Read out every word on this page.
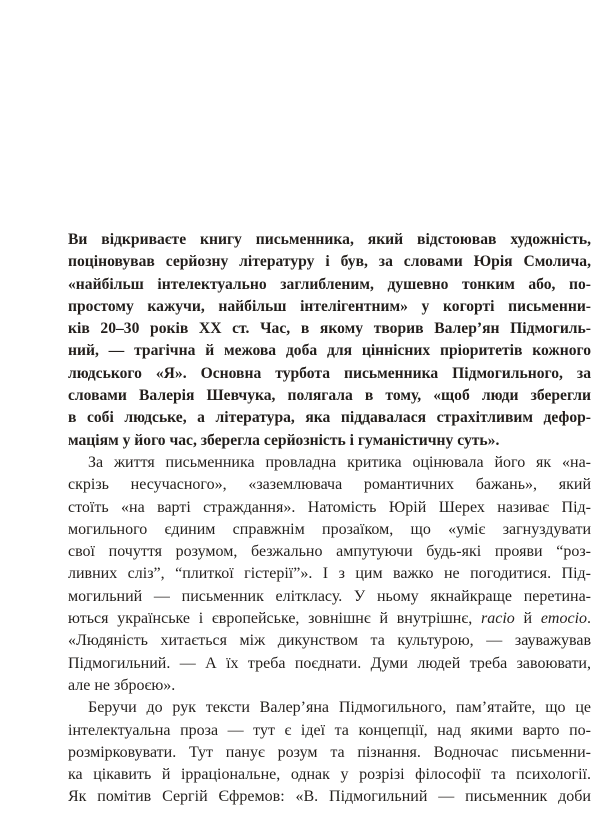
Ви відкриваєте книгу письменника, який відстоював художність,
поціновував серйозну літературу і був, за словами Юрія Смолича,
«найбільш інтелектуально заглибленим, душевно тонким або, по-
простому кажучи, найбільш інтелігентним» у когорті письменни-
ків 20–30 років XX ст. Час, в якому творив Валер’ян Підмогиль-
ний, — трагічна й межова доба для ціннісних пріоритетів кожного
людського «Я». Основна турбота письменника Підмогильного, за
словами Валерія Шевчука, полягала в тому, «щоб люди зберегли
в собі людське, а література, яка піддавалася страхітливим дефор-
маціям у його час, зберегла серйозність і гуманістичну суть».
За життя письменника провладна критика оцінювала його як «на-
скрізь несучасного», «заземлювача романтичних бажань», який
стоїть «на варті страждання». Натомість Юрій Шерех називає Під-
могильного єдиним справжнім прозаїком, що «уміє загнуздувати
свої почуття розумом, безжально ампутуючи будь-які прояви “роз-
ливних сліз”, “плиткої гістерії”». І з цим важко не погодитися. Під-
могильний — письменник еліткласу. У ньому якнайкраще перетина-
ються українське і європейське, зовнішнє й внутрішнє, racio й emocio.
«Людяність хитається між дикунством та культурою, — зауважував
Підмогильний. — А їх треба поєднати. Думи людей треба завоювати,
але не зброєю».
Беручи до рук тексти Валер’яна Підмогильного, пам’ятайте, що це
інтелектуальна проза — тут є ідеї та концепції, над якими варто по-
розмірковувати. Тут панує розум та пізнання. Водночас письменни-
ка цікавить й ірраціональне, однак у розрізі філософії та психології.
Як помітив Сергій Єфремов: «В. Підмогильний — письменник доби
